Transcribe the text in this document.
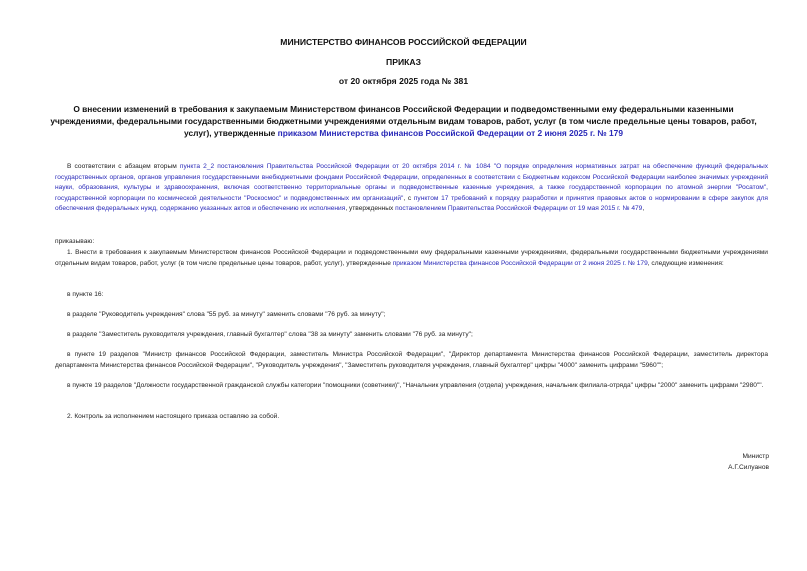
МИНИСТЕРСТВО ФИНАНСОВ РОССИЙСКОЙ ФЕДЕРАЦИИ
ПРИКАЗ
от 20 октября 2025 года № 381
О внесении изменений в требования к закупаемым Министерством финансов Российской Федерации и подведомственными ему федеральными казенными учреждениями, федеральными государственными бюджетными учреждениями отдельным видам товаров, работ, услуг (в том числе предельные цены товаров, работ, услуг), утвержденные приказом Министерства финансов Российской Федерации от 2 июня 2025 г. № 179
В соответствии с абзацем вторым пункта 2_2 постановления Правительства Российской Федерации от 20 октября 2014 г. № 1084 "О порядке определения нормативных затрат на обеспечение функций федеральных государственных органов, органов управления государственными внебюджетными фондами Российской Федерации, определенных в соответствии с Бюджетным кодексом Российской Федерации наиболее значимых учреждений науки, образования, культуры и здравоохранения, включая соответственно территориальные органы и подведомственные казенные учреждения, а также государственной корпорации по атомной энергии "Росатом", государственной корпорации по космической деятельности "Роскосмос" и подведомственных им организаций", с пунктом 17 требований к порядку разработки и принятия правовых актов о нормировании в сфере закупок для обеспечения федеральных нужд, содержанию указанных актов и обеспечению их исполнения, утвержденных постановлением Правительства Российской Федерации от 19 мая 2015 г. № 479,
приказываю:
1. Внести в требования к закупаемым Министерством финансов Российской Федерации и подведомственными ему федеральными казенными учреждениями, федеральными государственными бюджетными учреждениями отдельным видам товаров, работ, услуг (в том числе предельные цены товаров, работ, услуг), утвержденные приказом Министерства финансов Российской Федерации от 2 июня 2025 г. № 179, следующие изменения:
в пункте 16:
в разделе "Руководитель учреждения" слова "55 руб. за минуту" заменить словами "76 руб. за минуту";
в разделе "Заместитель руководителя учреждения, главный бухгалтер" слова "38 за минуту" заменить словами "76 руб. за минуту";
в пункте 19 разделов "Министр финансов Российской Федерации, заместитель Министра Российской Федерации", "Директор департамента Министерства финансов Российской Федерации, заместитель директора департамента Министерства финансов Российской Федерации", "Руководитель учреждения", "Заместитель руководителя учреждения, главный бухгалтер" цифры "4000" заменить цифрами "5960"";
в пункте 19 разделов "Должности государственной гражданской службы категории "помощники (советники)", "Начальник управления (отдела) учреждения, начальник филиала-отряда" цифры "2000" заменить цифрами "2980"".
2. Контроль за исполнением настоящего приказа оставляю за собой.
Министр
А.Г.Силуанов
